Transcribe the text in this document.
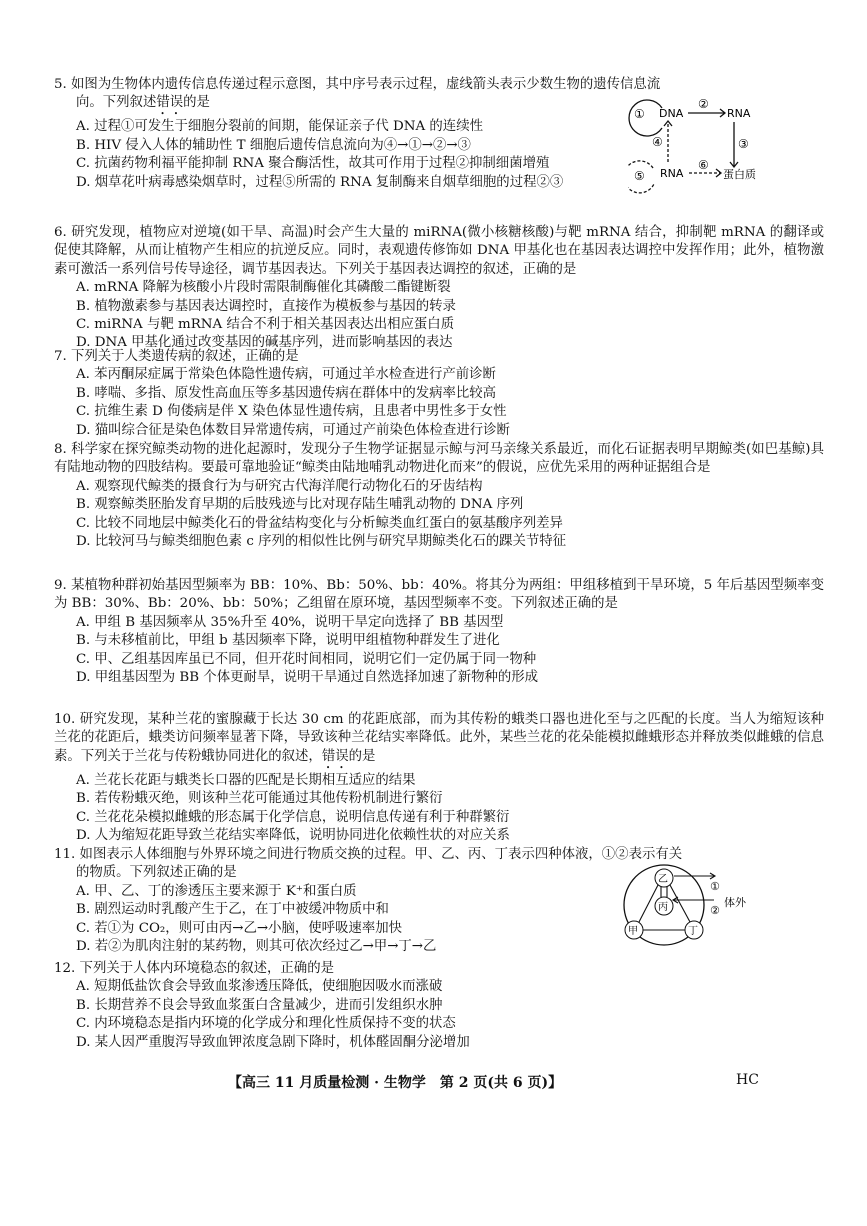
5. 如图为生物体内遗传信息传递过程示意图，其中序号表示过程，虚线箭头表示少数生物的遗传信息流

向。下列叙述错误的是

A. 过程①可发生于细胞分裂前的间期，能保证亲子代 DNA 的连续性

B. HIV 侵入人体的辅助性 T 细胞后遗传信息流向为④→①→②→③

C. 抗菌药物利福平能抑制 RNA 聚合酶活性，故其可作用于过程②抑制细菌增殖

D. 烟草花叶病毒感染烟草时，过程⑤所需的 RNA 复制酶来自烟草细胞的过程②③

① DNA
②
RNA
③
④
⑤ RNA
⑥
蛋白质

6. 研究发现，植物应对逆境(如干旱、高温)时会产生大量的 miRNA(微小核糖核酸)与靶 mRNA 结合，抑制靶 mRNA 的翻译或促使其降解，从而让植物产生相应的抗逆反应。同时，表观遗传修饰如 DNA 甲基化也在基因表达调控中发挥作用；此外，植物激素可激活一系列信号传导途径，调节基因表达。下列关于基因表达调控的叙述，正确的是

A. mRNA 降解为核酸小片段时需限制酶催化其磷酸二酯键断裂

B. 植物激素参与基因表达调控时，直接作为模板参与基因的转录

C. miRNA 与靶 mRNA 结合不利于相关基因表达出相应蛋白质

D. DNA 甲基化通过改变基因的碱基序列，进而影响基因的表达

7. 下列关于人类遗传病的叙述，正确的是

A. 苯丙酮尿症属于常染色体隐性遗传病，可通过羊水检查进行产前诊断

B. 哮喘、多指、原发性高血压等多基因遗传病在群体中的发病率比较高

C. 抗维生素 D 佝偻病是伴 X 染色体显性遗传病，且患者中男性多于女性

D. 猫叫综合征是染色体数目异常遗传病，可通过产前染色体检查进行诊断

8. 科学家在探究鲸类动物的进化起源时，发现分子生物学证据显示鲸与河马亲缘关系最近，而化石证据表明早期鲸类(如巴基鲸)具有陆地动物的四肢结构。要最可靠地验证“鲸类由陆地哺乳动物进化而来”的假说，应优先采用的两种证据组合是

A. 观察现代鲸类的摄食行为与研究古代海洋爬行动物化石的牙齿结构

B. 观察鲸类胚胎发育早期的后肢残迹与比对现存陆生哺乳动物的 DNA 序列

C. 比较不同地层中鲸类化石的骨盆结构变化与分析鲸类血红蛋白的氨基酸序列差异

D. 比较河马与鲸类细胞色素 c 序列的相似性比例与研究早期鲸类化石的踝关节特征

9. 某植物种群初始基因型频率为 BB：10%、Bb：50%、bb：40%。将其分为两组：甲组移植到干旱环境，5 年后基因型频率变为 BB：30%、Bb：20%、bb：50%；乙组留在原环境，基因型频率不变。下列叙述正确的是

A. 甲组 B 基因频率从 35%升至 40%，说明干旱定向选择了 BB 基因型

B. 与未移植前比，甲组 b 基因频率下降，说明甲组植物种群发生了进化

C. 甲、乙组基因库虽已不同，但开花时间相同，说明它们一定仍属于同一物种

D. 甲组基因型为 BB 个体更耐旱，说明干旱通过自然选择加速了新物种的形成

10. 研究发现，某种兰花的蜜腺藏于长达 30 cm 的花距底部，而为其传粉的蛾类口器也进化至与之匹配的长度。当人为缩短该种兰花的花距后，蛾类访问频率显著下降，导致该种兰花结实率降低。此外，某些兰花的花朵能模拟雌蛾形态并释放类似雌蛾的信息素。下列关于兰花与传粉蛾协同进化的叙述，错误的是

A. 兰花长花距与蛾类长口器的匹配是长期相互适应的结果

B. 若传粉蛾灭绝，则该种兰花可能通过其他传粉机制进行繁衍

C. 兰花花朵模拟雌蛾的形态属于化学信息，说明信息传递有利于种群繁衍

D. 人为缩短花距导致兰花结实率降低，说明协同进化依赖性状的对应关系

11. 如图表示人体细胞与外界环境之间进行物质交换的过程。甲、乙、丙、丁表示四种体液，①②表示有关

的物质。下列叙述正确的是

A. 甲、乙、丁的渗透压主要来源于 K⁺和蛋白质

B. 剧烈运动时乳酸产生于乙，在丁中被缓冲物质中和

C. 若①为 CO₂，则可由丙→乙→小脑，使呼吸速率加快

D. 若②为肌肉注射的某药物，则其可依次经过乙→甲→丁→乙

乙
丙
甲	丁
①
②
体外

12. 下列关于人体内环境稳态的叙述，正确的是

A. 短期低盐饮食会导致血浆渗透压降低，使细胞因吸水而涨破

B. 长期营养不良会导致血浆蛋白含量减少，进而引发组织水肿

C. 内环境稳态是指内环境的化学成分和理化性质保持不变的状态

D. 某人因严重腹泻导致血钾浓度急剧下降时，机体醛固酮分泌增加

【高三 11 月质量检测 · 生物学　第 2 页(共 6 页)】	HC
